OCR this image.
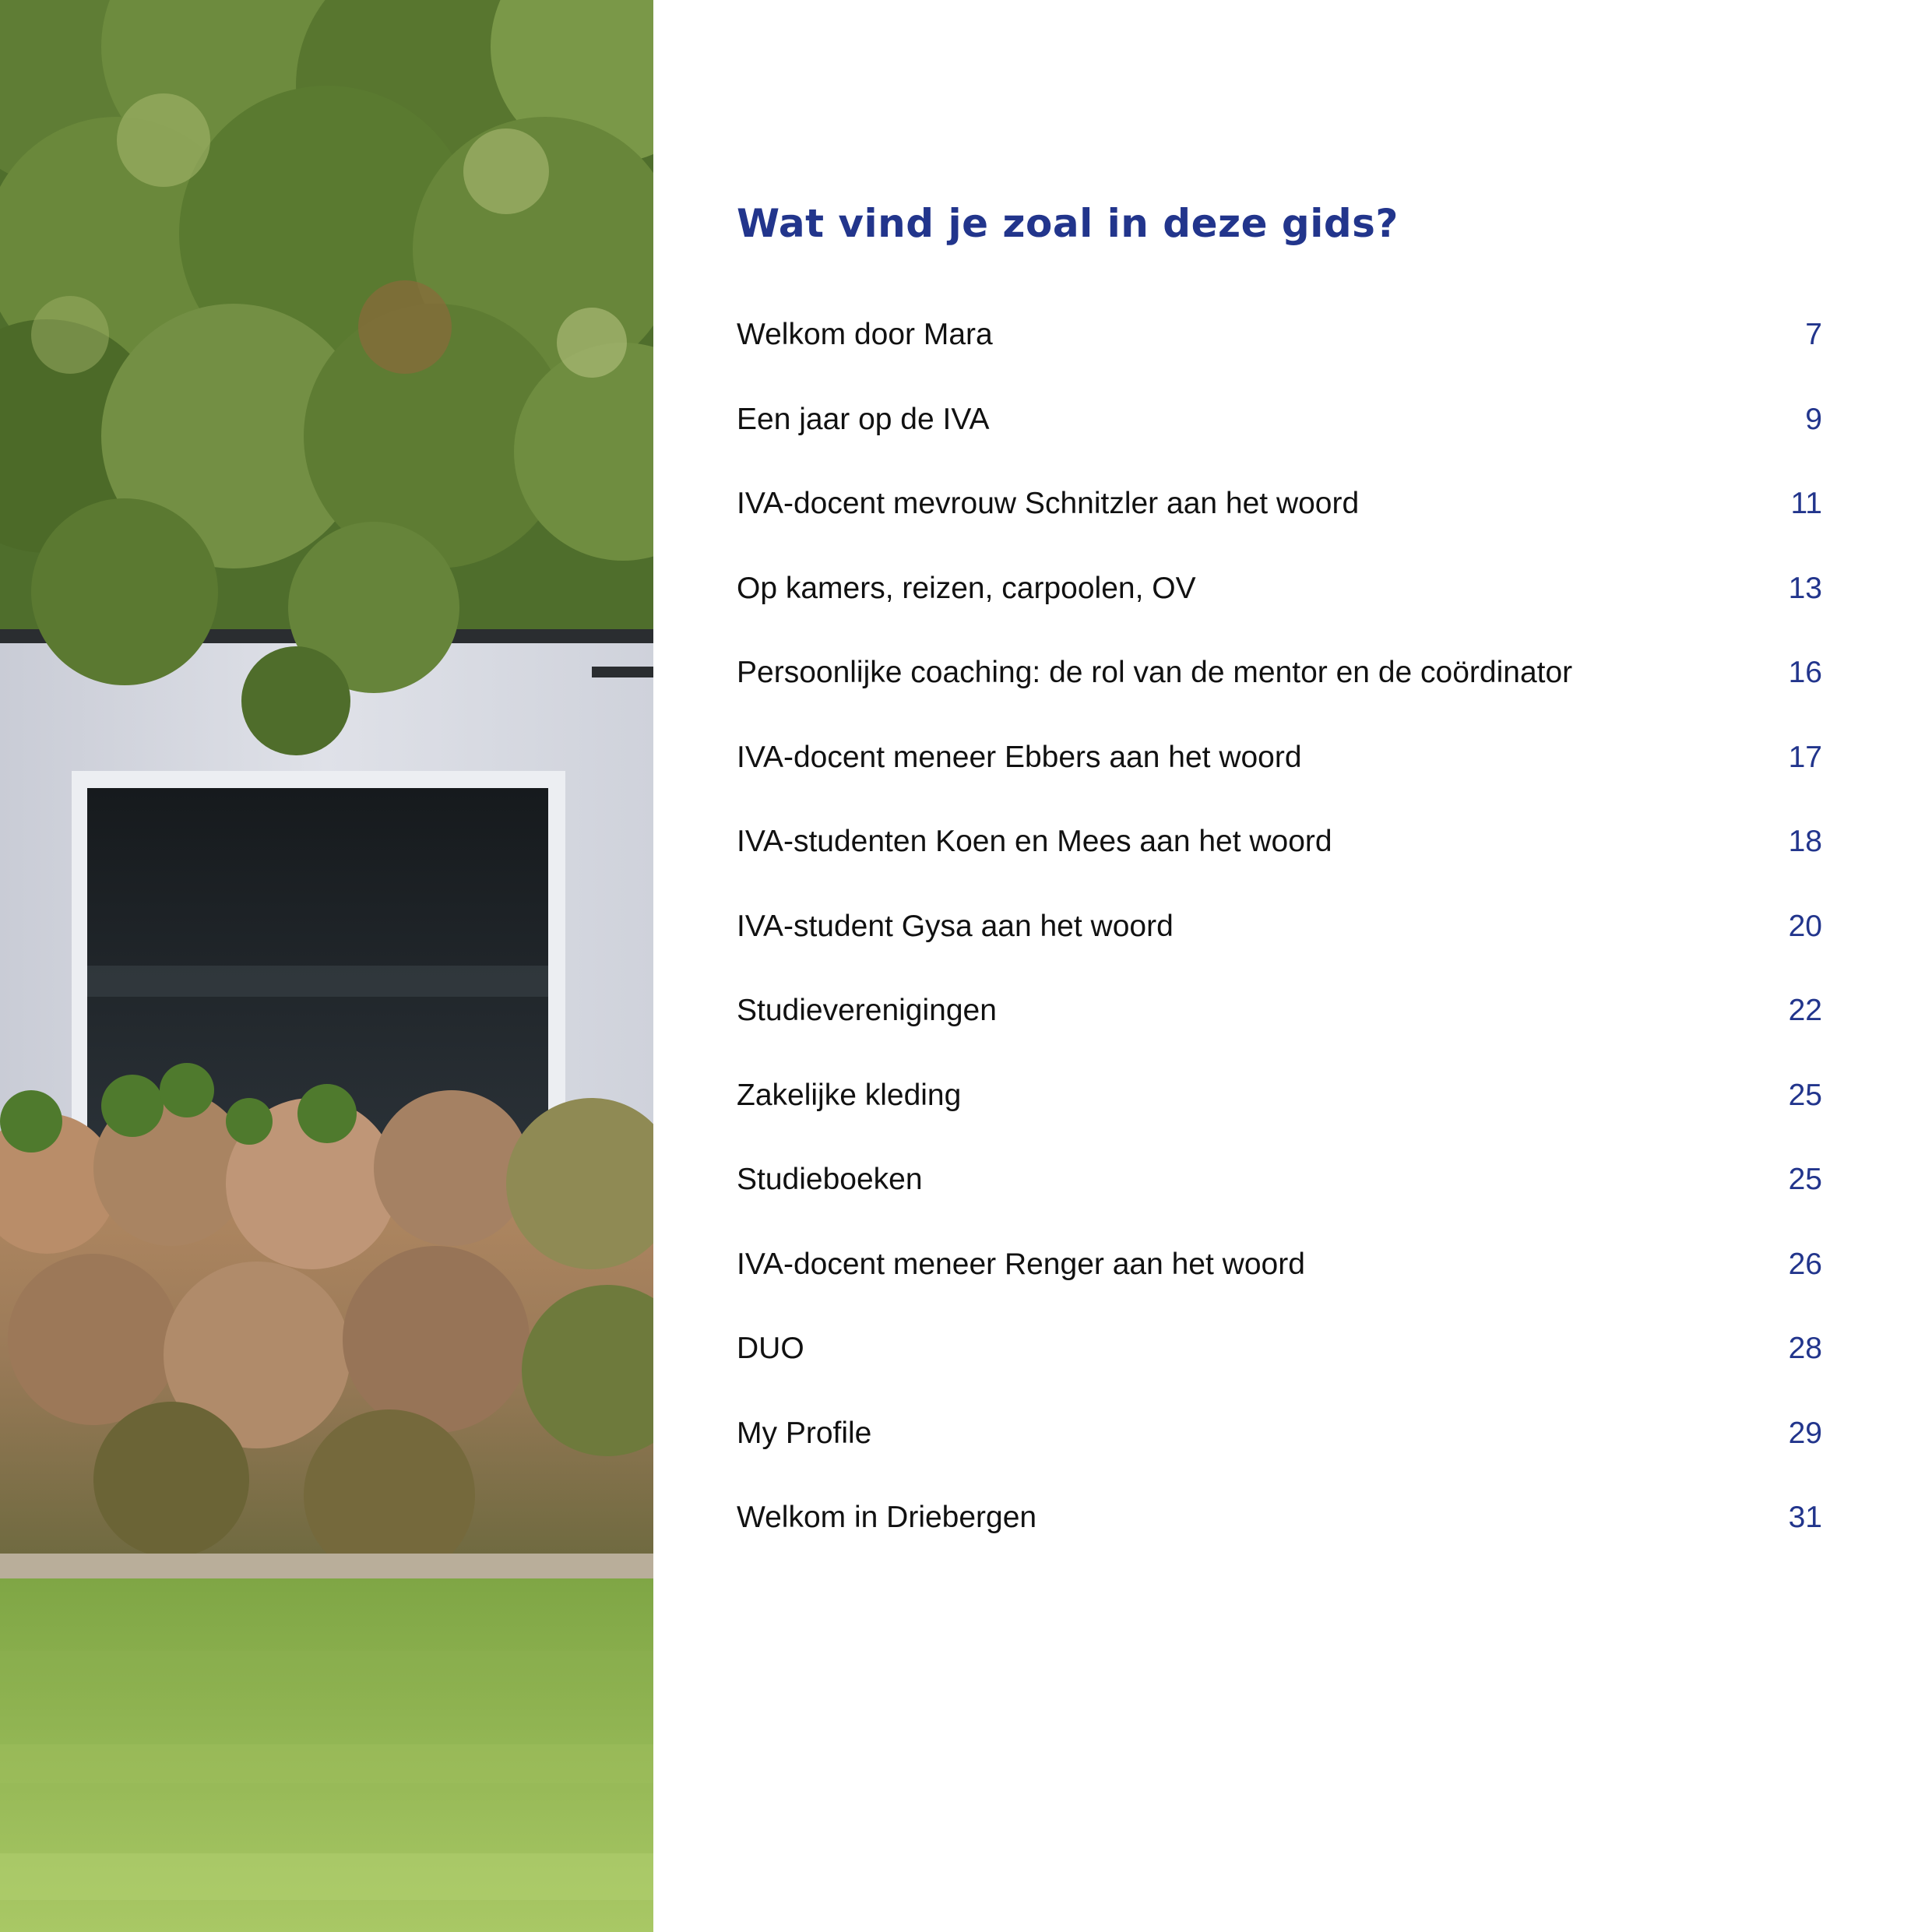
Wat vind je zoal in deze gids?
Welkom door Mara	7
Een jaar op de IVA	9
IVA-docent mevrouw Schnitzler aan het woord	11
Op kamers, reizen, carpoolen, OV	13
Persoonlijke coaching: de rol van de mentor en de coördinator	16
IVA-docent meneer Ebbers aan het woord	17
IVA-studenten Koen en Mees aan het woord	18
IVA-student Gysa aan het woord	20
Studieverenigingen	22
Zakelijke kleding	25
Studieboeken	25
IVA-docent meneer Renger aan het woord	26
DUO	28
My Profile	29
Welkom in Driebergen	31
